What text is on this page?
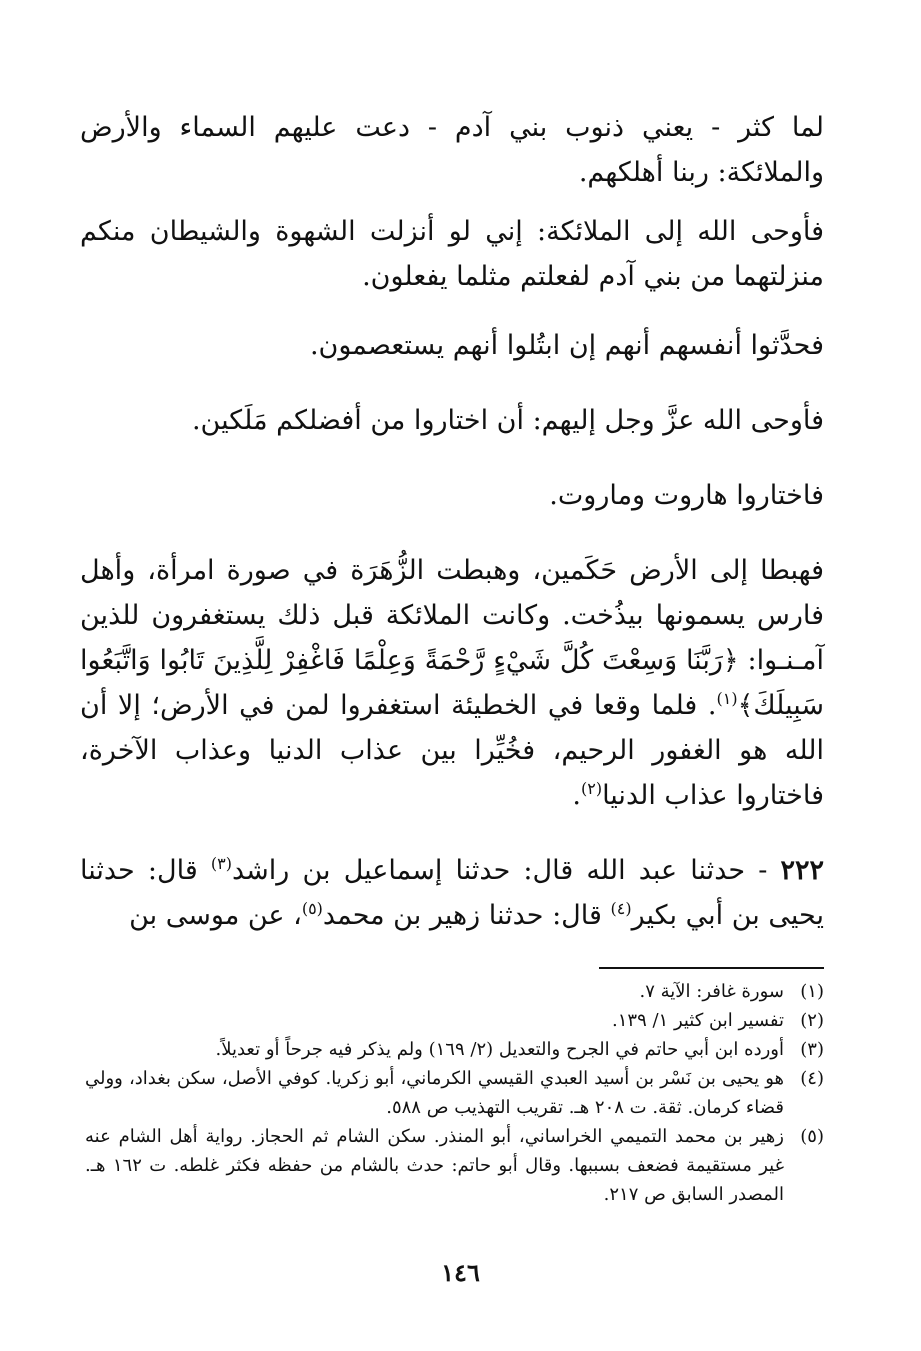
لما كثر - يعني ذنوب بني آدم - دعت عليهم السماء والأرض والملائكة: ربنا أهلكهم.

فأوحى الله إلى الملائكة: إني لو أنزلت الشهوة والشيطان منكم منزلتهما من بني آدم لفعلتم مثلما يفعلون.

فحدَّثوا أنفسهم أنهم إن ابتُلوا أنهم يستعصمون.

فأوحى الله عزَّ وجل إليهم: أن اختاروا من أفضلكم مَلَكين.

فاختاروا هاروت وماروت.

فهبطا إلى الأرض حَكَمين، وهبطت الزُّهَرَة في صورة امرأة، وأهل فارس يسمونها بيذُخت. وكانت الملائكة قبل ذلك يستغفرون للذين آمـنـوا: ﴿رَبَّنَا وَسِعْتَ كُلَّ شَيْءٍ رَّحْمَةً وَعِلْمًا فَاغْفِرْ لِلَّذِينَ تَابُوا وَاتَّبَعُوا سَبِيلَكَ﴾$^{(١)}$. فلما وقعا في الخطيئة استغفروا لمن في الأرض؛ إلا أن الله هو الغفور الرحيم، فخُيِّرا بين عذاب الدنيا وعذاب الآخرة، فاختاروا عذاب الدنيا$^{(٢)}$.

٢٢٢ - حدثنا عبد الله قال: حدثنا إسماعيل بن راشد$^{(٣)}$ قال: حدثنا يحيى بن أبي بكير$^{(٤)}$ قال: حدثنا زهير بن محمد$^{(٥)}$، عن موسى بن

(١)
سورة غافر: الآية ٧.
(٢)
تفسير ابن كثير ١/ ١٣٩.
(٣)
أورده ابن أبي حاتم في الجرح والتعديل (٢/ ١٦٩) ولم يذكر فيه جرحاً أو تعديلاً.
(٤)
هو يحيى بن نَسْر بن أسيد العبدي القيسي الكرماني، أبو زكريا. كوفي الأصل، سكن بغداد، وولي قضاء كرمان. ثقة. ت ٢٠٨ هـ. تقريب التهذيب ص ٥٨٨.
(٥)
زهير بن محمد التميمي الخراساني، أبو المنذر. سكن الشام ثم الحجاز. رواية أهل الشام عنه غير مستقيمة فضعف بسببها. وقال أبو حاتم: حدث بالشام من حفظه فكثر غلطه. ت ١٦٢ هـ. المصدر السابق ص ٢١٧.
١٤٦
